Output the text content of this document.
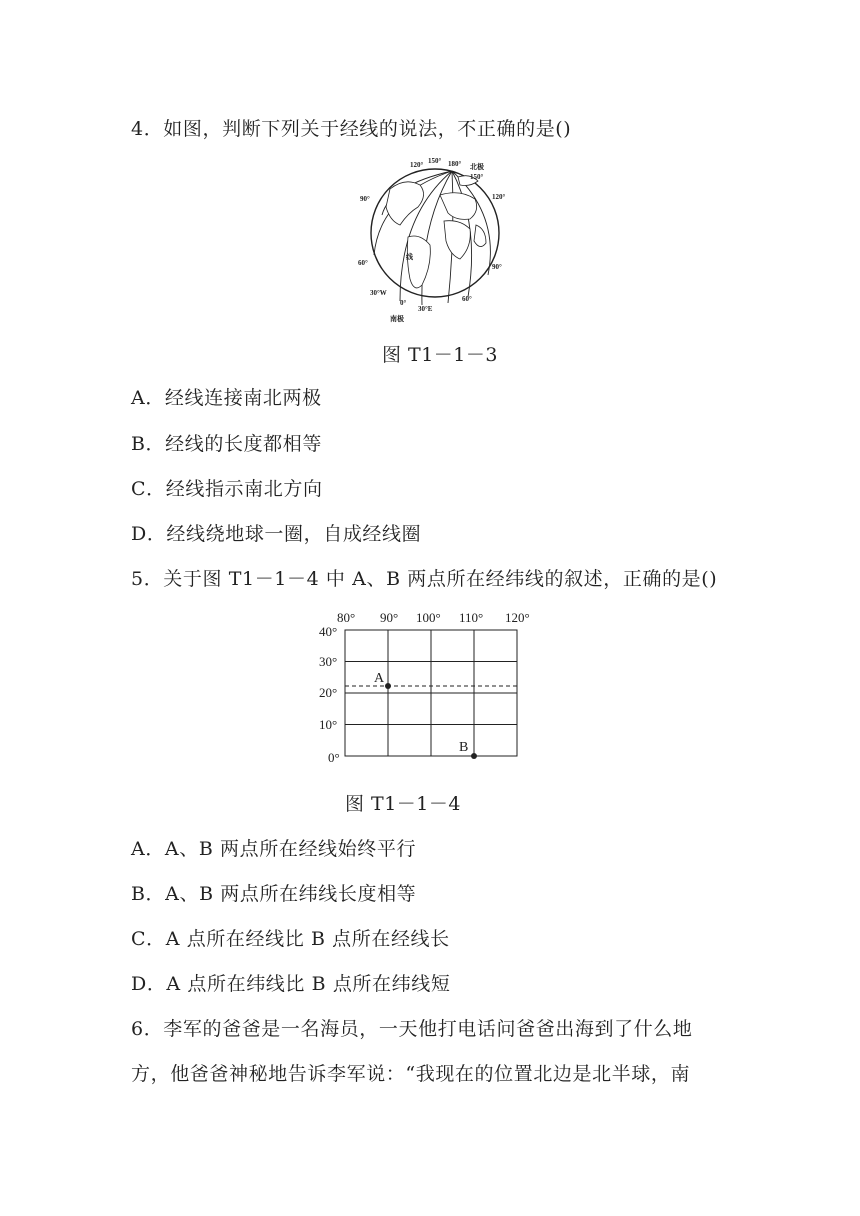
4．如图，判断下列关于经线的说法，不正确的是()
120° 150° 180° 北极
150°
120°
90°
90°
60°
60°
30°W
0°
30°E
南极
线
图 T1－1－3
A．经线连接南北两极
B．经线的长度都相等
C．经线指示南北方向
D．经线绕地球一圈，自成经线圈
5．关于图 T1－1－4 中 A、B 两点所在经纬线的叙述，正确的是()
80° 90° 100° 110° 120°
40°
30°
20°
10°
0°
A
B
图 T1－1－4
A．A、B 两点所在经线始终平行
B．A、B 两点所在纬线长度相等
C．A 点所在经线比 B 点所在经线长
D．A 点所在纬线比 B 点所在纬线短
6．李军的爸爸是一名海员，一天他打电话问爸爸出海到了什么地
方，他爸爸神秘地告诉李军说：“我现在的位置北边是北半球，南
